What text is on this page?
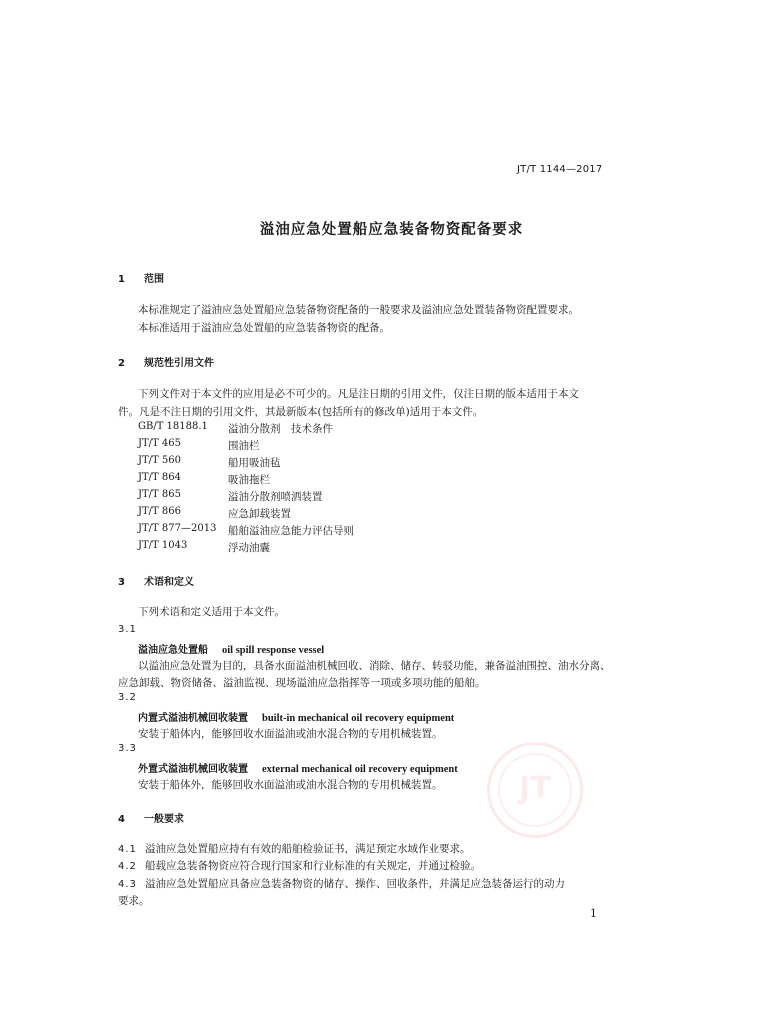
JT/T 1144—2017
溢油应急处置船应急装备物资配备要求
1 范围
本标准规定了溢油应急处置船应急装备物资配备的一般要求及溢油应急处置装备物资配置要求。
本标准适用于溢油应急处置船的应急装备物资的配备。
2 规范性引用文件
下列文件对于本文件的应用是必不可少的。凡是注日期的引用文件，仅注日期的版本适用于本文
件。凡是不注日期的引用文件，其最新版本(包括所有的修改单)适用于本文件。
GB/T 18188.1 溢油分散剂　技术条件
JT/T 465	围油栏
JT/T 560	船用吸油毡
JT/T 864	吸油拖栏
JT/T 865	溢油分散剂喷洒装置
JT/T 866	应急卸载装置
JT/T 877—2013 船舶溢油应急能力评估导则
JT/T 1043	浮动油囊
3 术语和定义
下列术语和定义适用于本文件。
3.1
溢油应急处置船 oil spill response vessel
以溢油应急处置为目的，具备水面溢油机械回收、消除、储存、转驳功能，兼备溢油围控、油水分离、
应急卸载、物资储备、溢油监视、现场溢油应急指挥等一项或多项功能的船舶。
3.2
内置式溢油机械回收装置 built-in mechanical oil recovery equipment
安装于船体内，能够回收水面溢油或油水混合物的专用机械装置。
3.3
外置式溢油机械回收装置 external mechanical oil recovery equipment
安装于船体外，能够回收水面溢油或油水混合物的专用机械装置。
4 一般要求
4.1 溢油应急处置船应持有有效的船舶检验证书，满足预定水域作业要求。
4.2 船载应急装备物资应符合现行国家和行业标准的有关规定，并通过检验。
4.3 溢油应急处置船应具备应急装备物资的储存、操作、回收条件，并满足应急装备运行的动力
要求。
1
JT
